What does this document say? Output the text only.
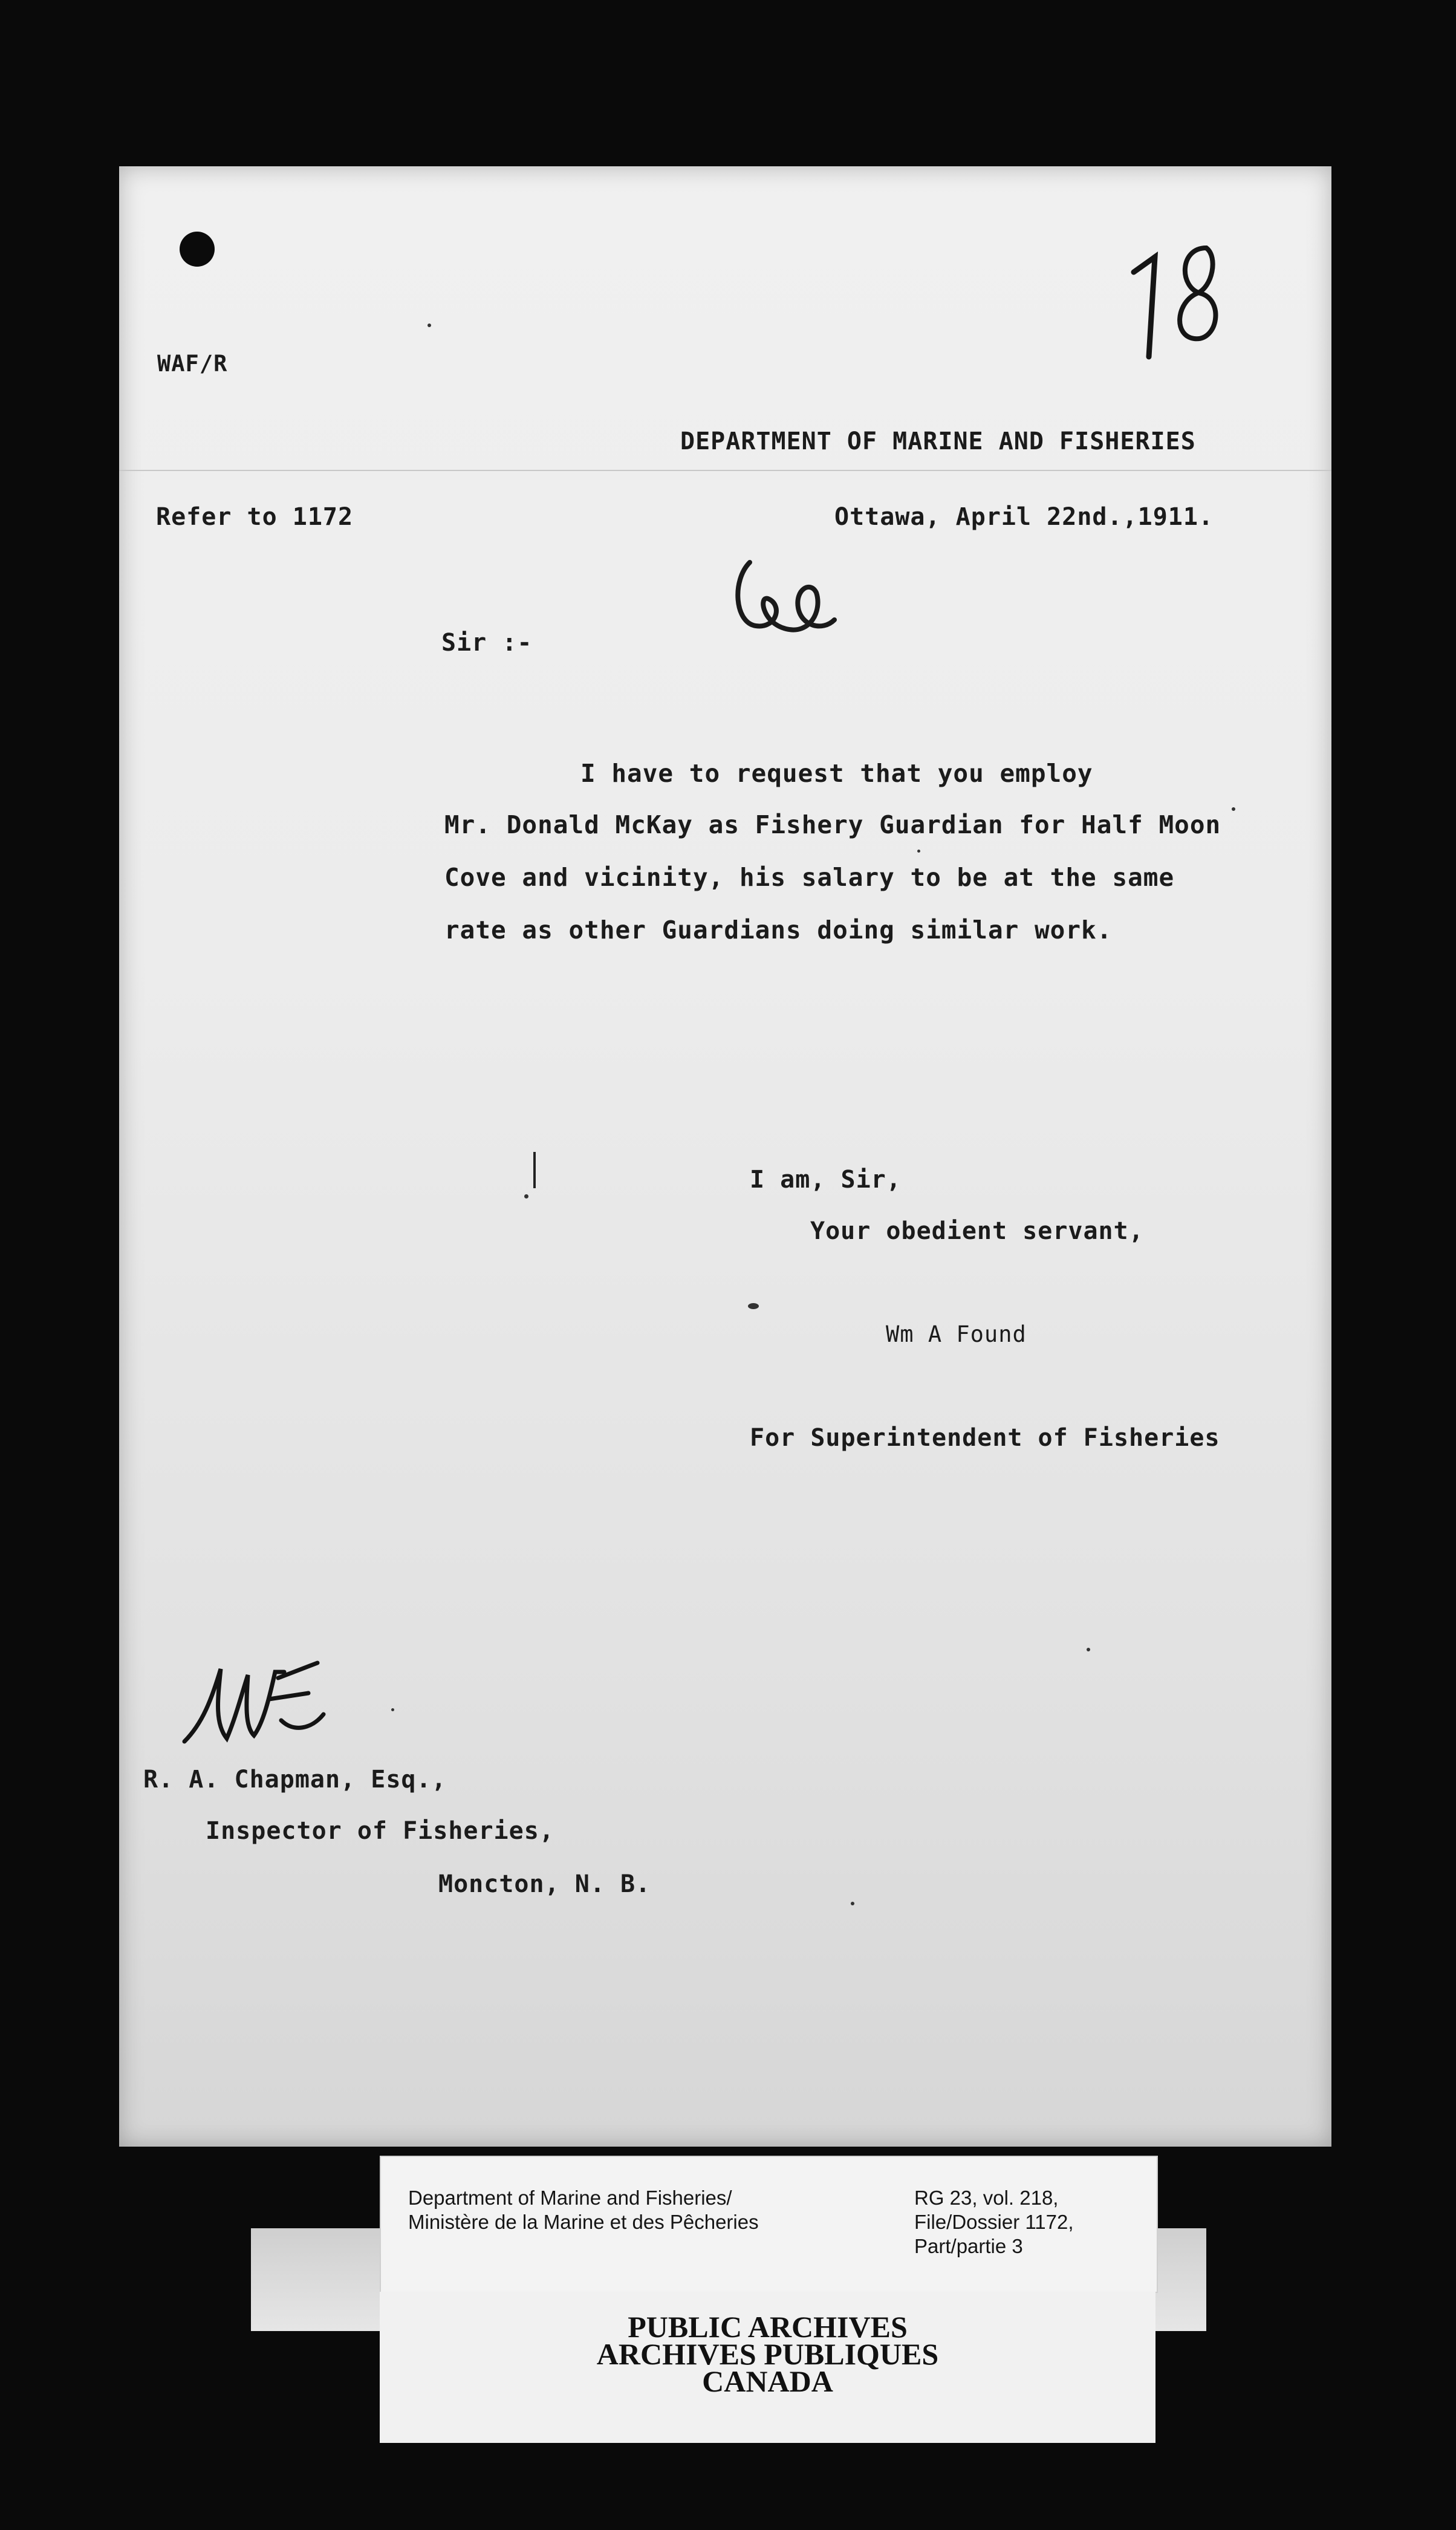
WAF/R
DEPARTMENT OF MARINE AND FISHERIES
Refer to 1172	Ottawa, April 22nd.,1911.
Sir :-
I have to request that you employ
Mr. Donald McKay as Fishery Guardian for Half Moon
Cove and vicinity, his salary to be at the same
rate as other Guardians doing similar work.
I am, Sir,
Your obedient servant,
Wm A Found
For Superintendent of Fisheries
R. A. Chapman, Esq.,
Inspector of Fisheries,
Moncton, N. B.
Department of Marine and Fisheries/
Ministère de la Marine et des Pêcheries
RG 23, vol. 218,
File/Dossier 1172,
Part/partie 3
PUBLIC ARCHIVES
ARCHIVES PUBLIQUES
CANADA
